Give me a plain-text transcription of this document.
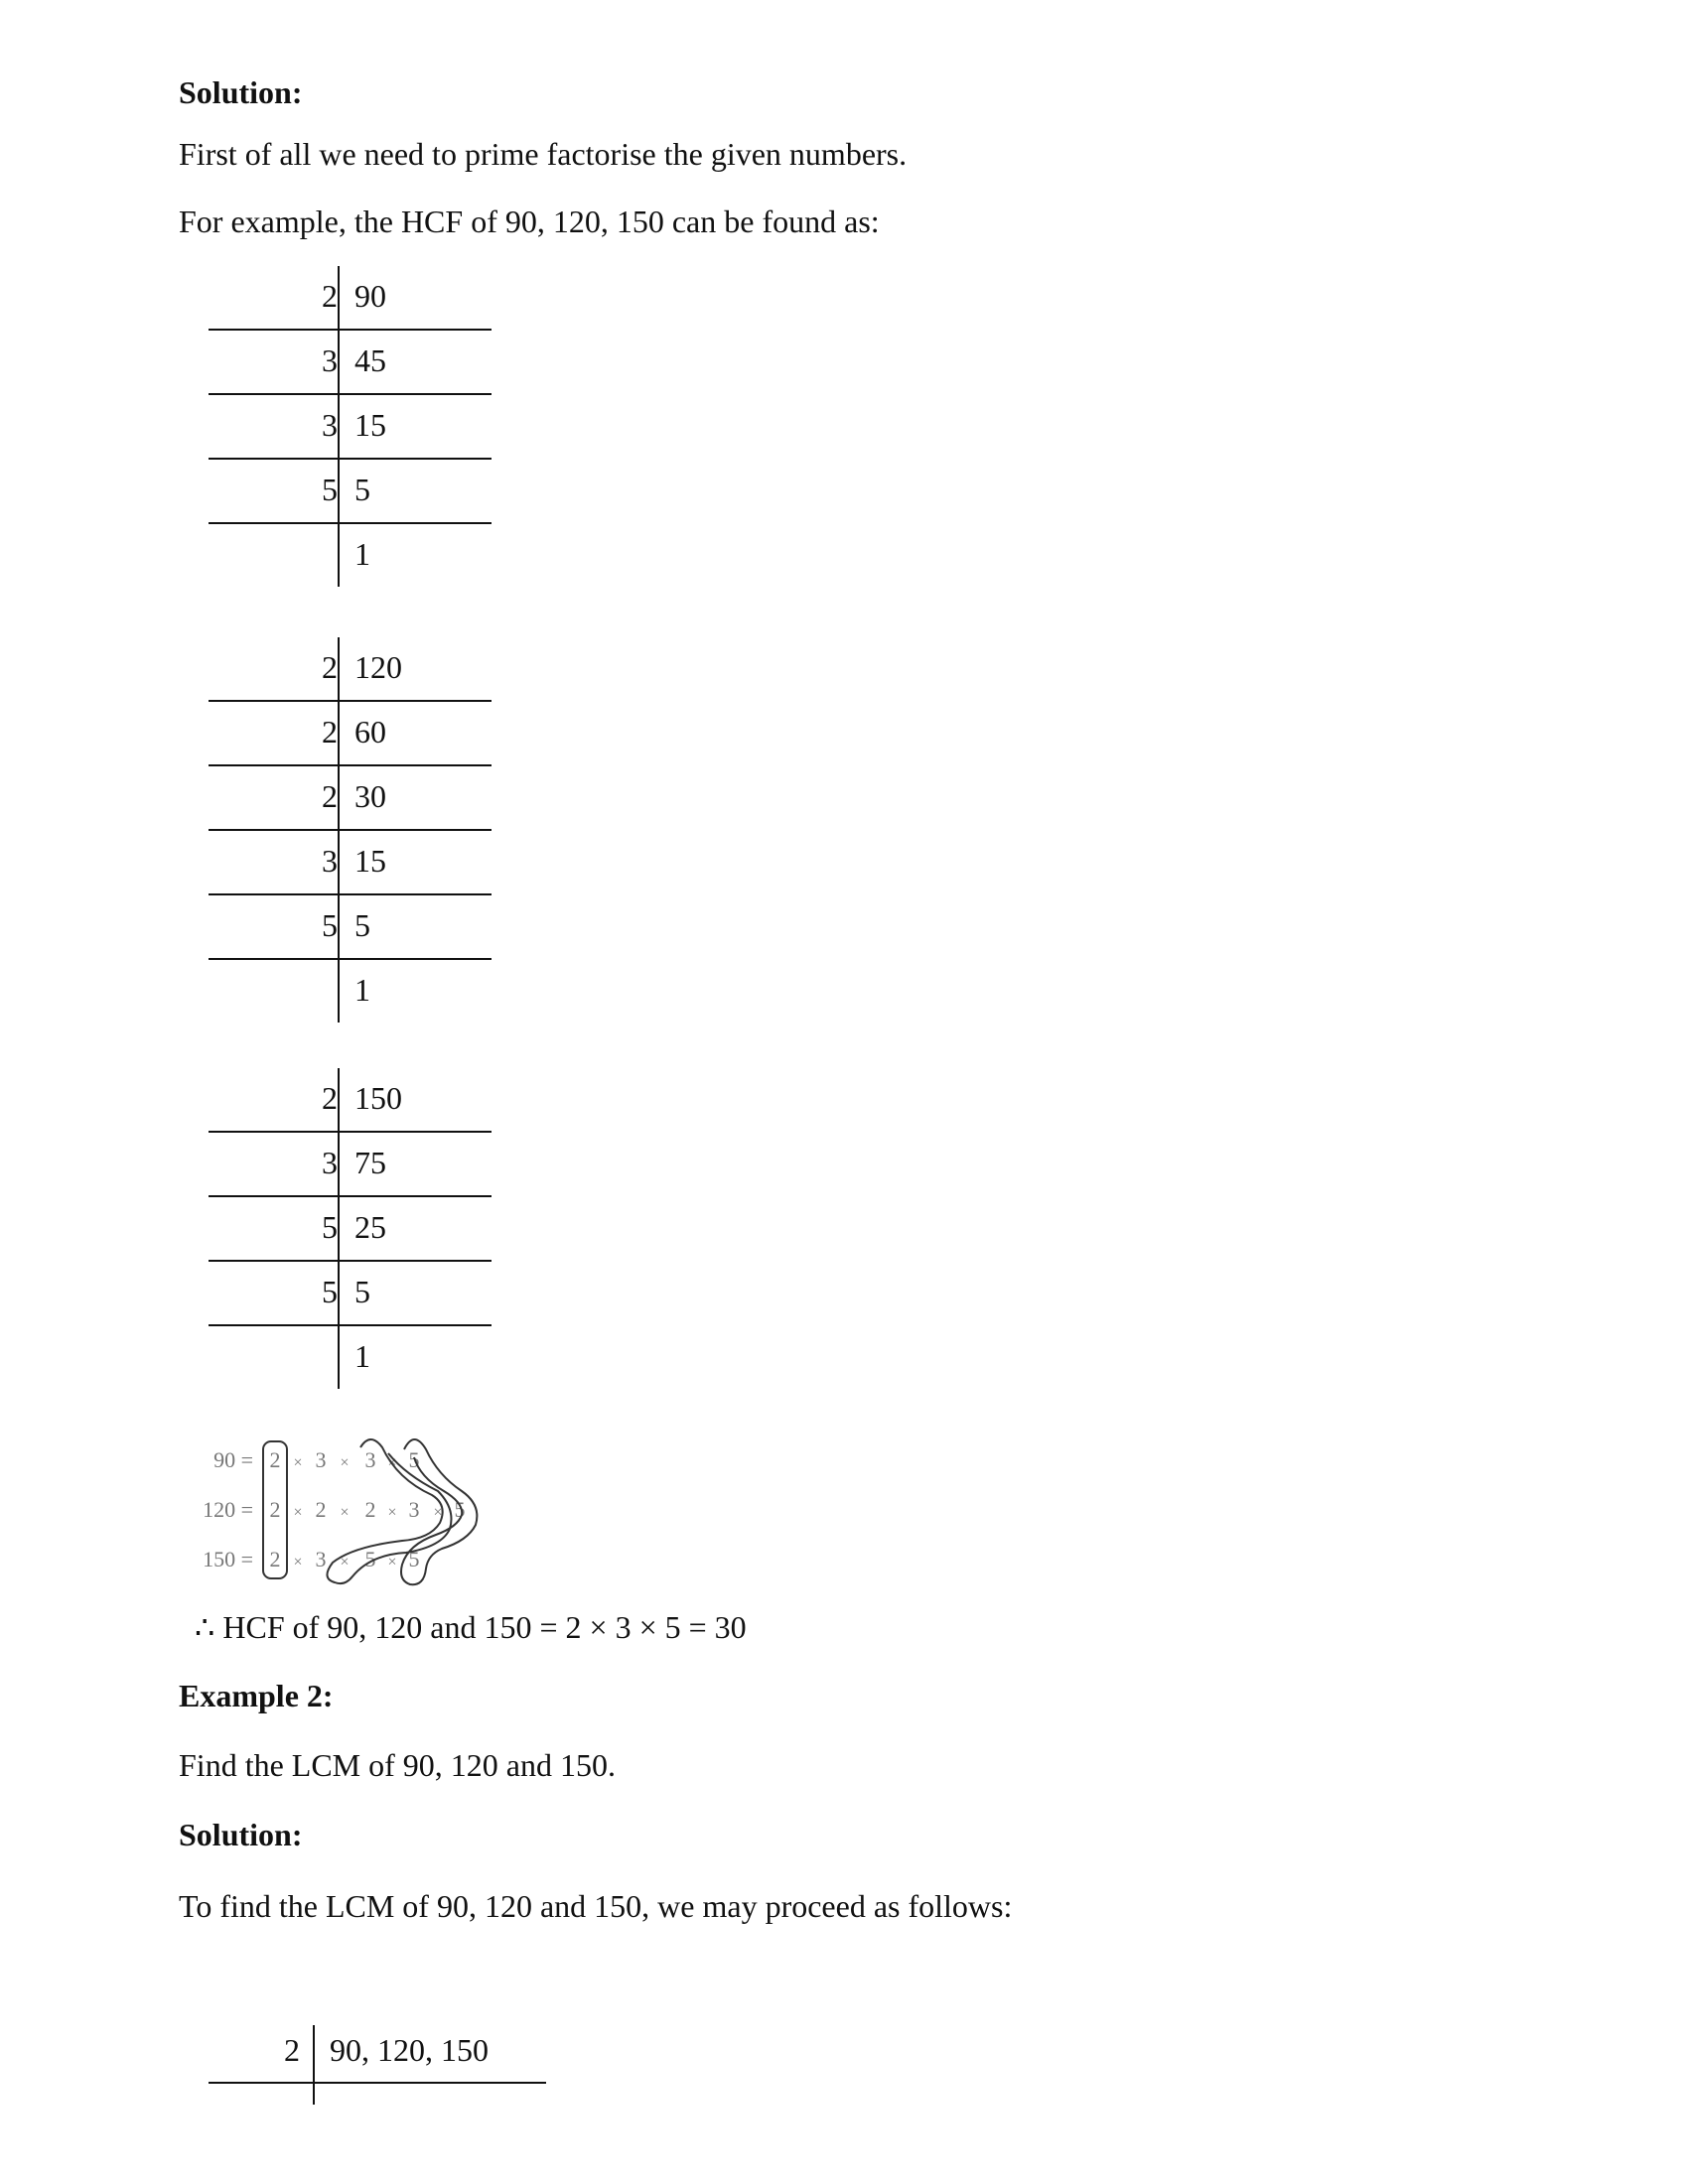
Solution:
First of all we need to prime factorise the given numbers.
For example, the HCF of 90, 120, 150 can be found as:
2 90
3 45
3 15
5 5
1
2 120
2 60
2 30
3 15
5 5
1
2 150
3 75
5 25
5 5
1
90 = 2 × 3 × 3 × 5
120 = 2 × 2 × 2 × 3 × 5
150 = 2 × 3 × 5 × 5
∴ HCF of 90, 120 and 150 = 2 × 3 × 5 = 30
Example 2:
Find the LCM of 90, 120 and 150.
Solution:
To find the LCM of 90, 120 and 150, we may proceed as follows:
2 90, 120, 150
